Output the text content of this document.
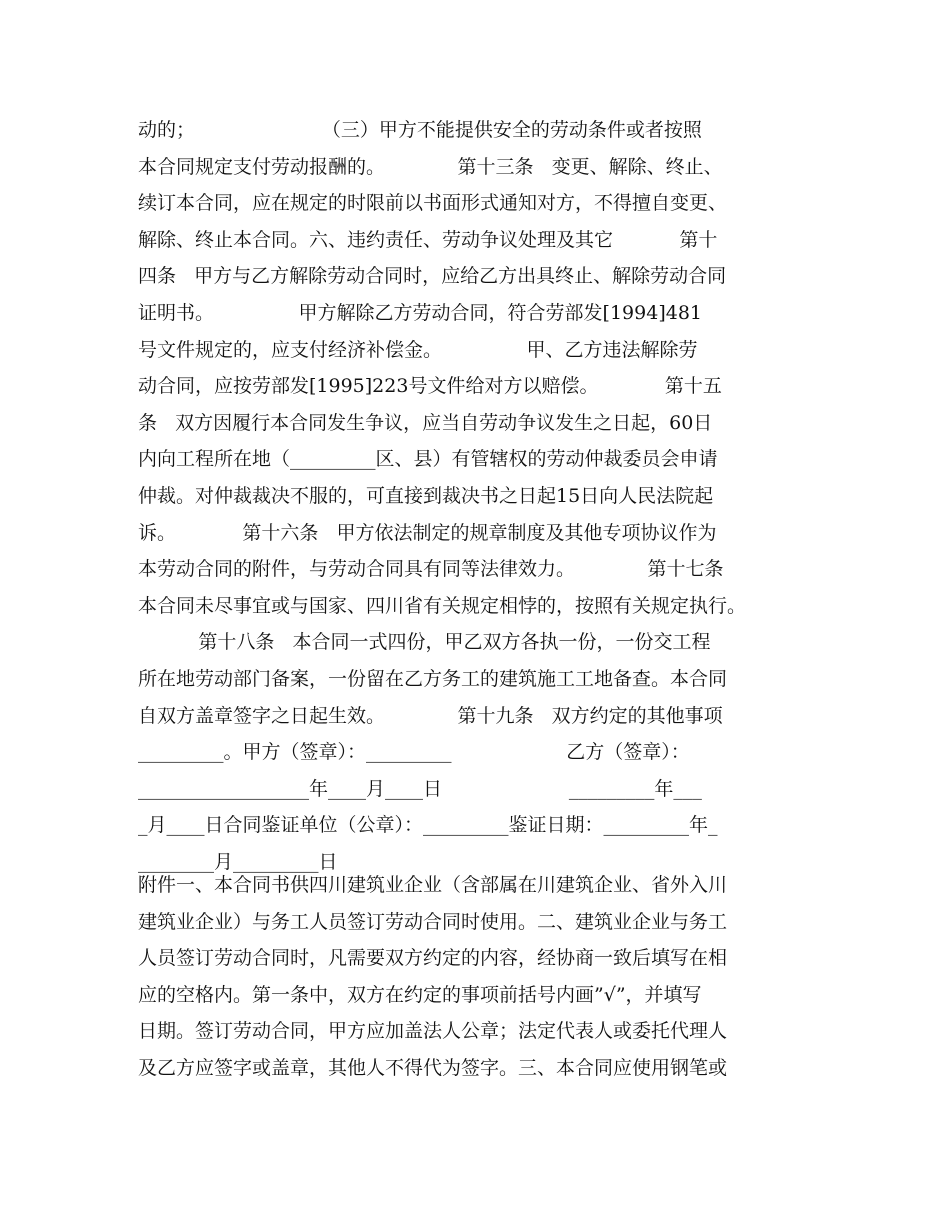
动的；                     （三）甲方不能提供安全的劳动条件或者按照
本合同规定支付劳动报酬的。            第十三条   变更、解除、终止、
续订本合同，应在规定的时限前以书面形式通知对方，不得擅自变更、
解除、终止本合同。六、违约责任、劳动争议处理及其它           第十
四条   甲方与乙方解除劳动合同时，应给乙方出具终止、解除劳动合同
证明书。              甲方解除乙方劳动合同，符合劳部发[1994]481
号文件规定的，应支付经济补偿金。              甲、乙方违法解除劳
动合同，应按劳部发[1995]223号文件给对方以赔偿。           第十五
条   双方因履行本合同发生争议，应当自劳动争议发生之日起，60日
内向工程所在地（_________区、县）有管辖权的劳动仲裁委员会申请
仲裁。对仲裁裁决不服的，可直接到裁决书之日起15日向人民法院起
诉。           第十六条   甲方依法制定的规章制度及其他专项协议作为
本劳动合同的附件，与劳动合同具有同等法律效力。            第十七条
本合同未尽事宜或与国家、四川省有关规定相悖的，按照有关规定执行。
第十八条   本合同一式四份，甲乙双方各执一份，一份交工程
所在地劳动部门备案，一份留在乙方务工的建筑施工工地备查。本合同
自双方盖章签字之日起生效。            第十九条   双方约定的其他事项
_________。甲方（签章）：_________                   乙方（签章）：
__________________年____月____日                     _________年___
_月____日合同鉴证单位（公章）：_________鉴证日期：_________年_
________月_________日
附件一、本合同书供四川建筑业企业（含部属在川建筑企业、省外入川
建筑业企业）与务工人员签订劳动合同时使用。二、建筑业企业与务工
人员签订劳动合同时，凡需要双方约定的内容，经协商一致后填写在相
应的空格内。第一条中，双方在约定的事项前括号内画”√”，并填写
日期。签订劳动合同，甲方应加盖法人公章；法定代表人或委托代理人
及乙方应签字或盖章，其他人不得代为签字。三、本合同应使用钢笔或
